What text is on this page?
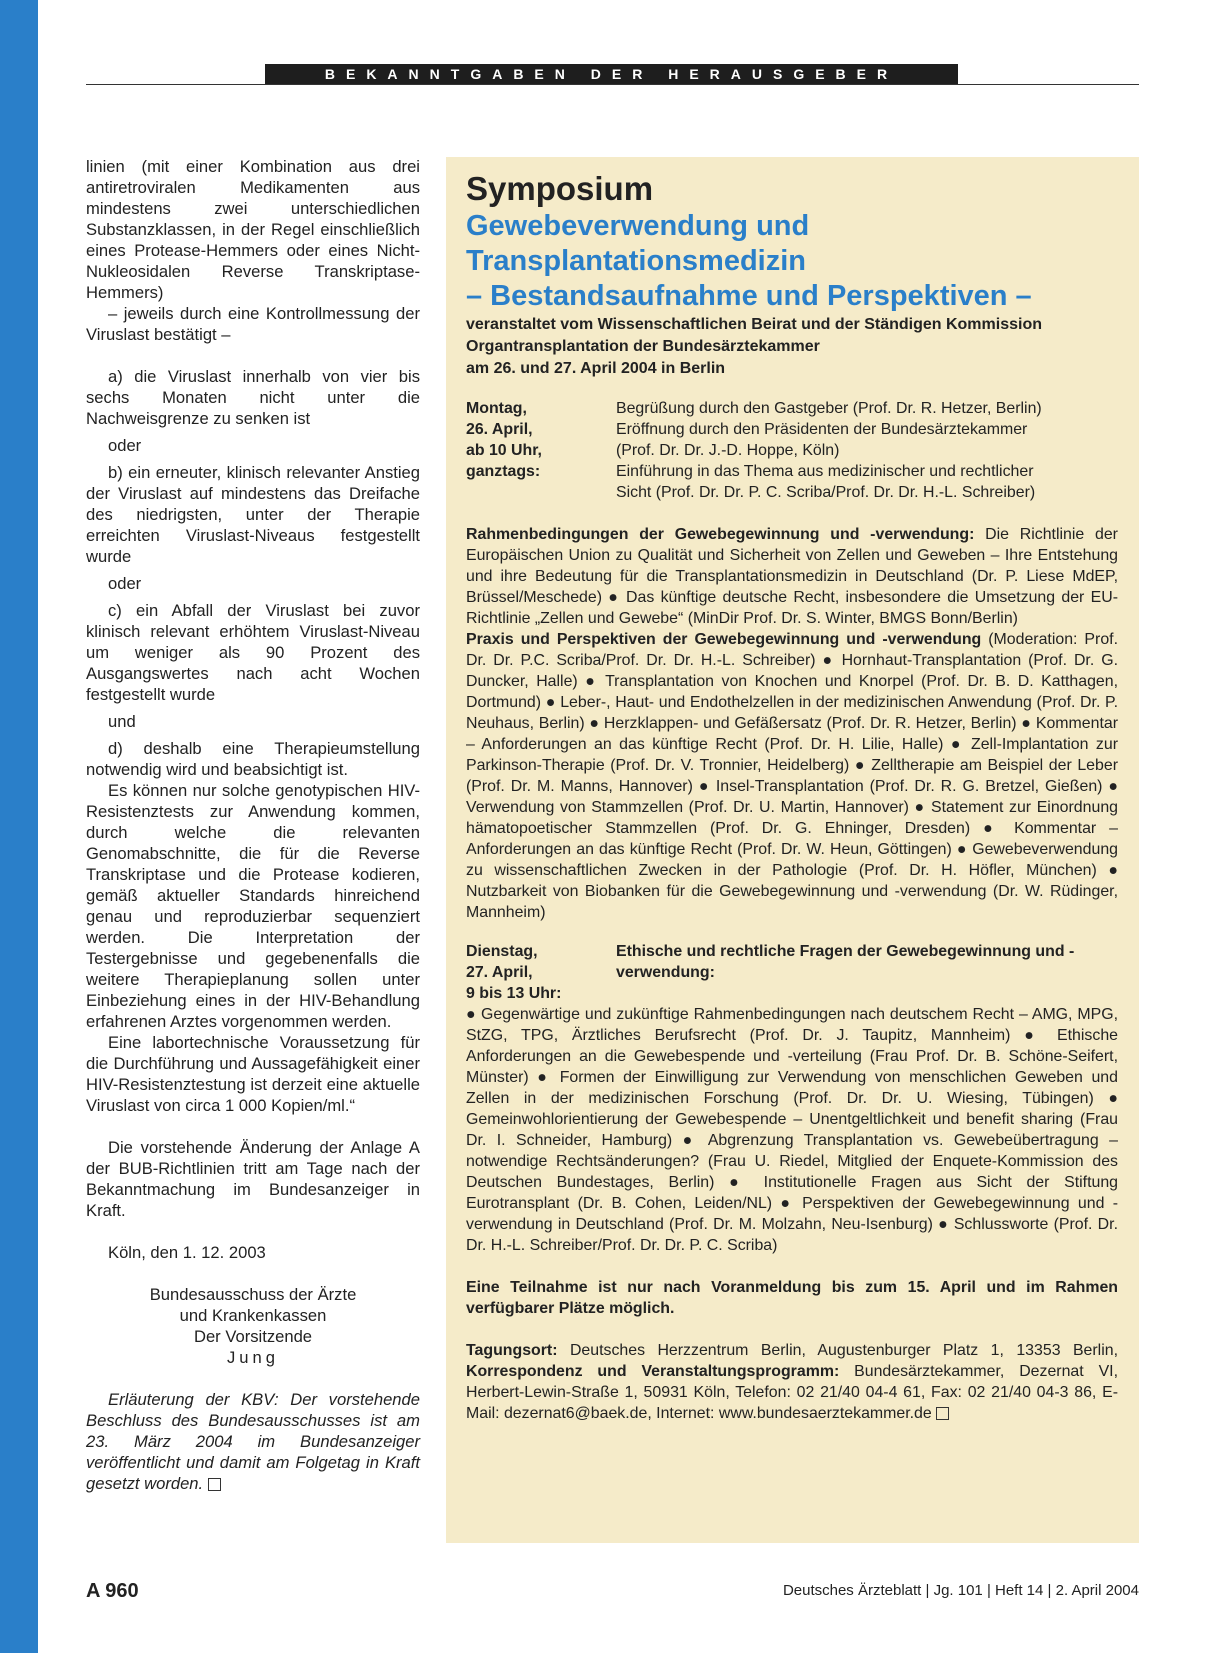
BEKANNTGABEN DER HERAUSGEBER

linien (mit einer Kombination aus drei antiretroviralen Medikamenten aus mindestens zwei unterschiedlichen Substanzklassen, in der Regel einschließlich eines Protease-Hemmers oder eines Nicht-Nukleosidalen Reverse Transkriptase-Hemmers)

– jeweils durch eine Kontrollmessung der Viruslast bestätigt –

a) die Viruslast innerhalb von vier bis sechs Monaten nicht unter die Nachweisgrenze zu senken ist

oder

b) ein erneuter, klinisch relevanter Anstieg der Viruslast auf mindestens das Dreifache des niedrigsten, unter der Therapie erreichten Viruslast-Niveaus festgestellt wurde

oder

c) ein Abfall der Viruslast bei zuvor klinisch relevant erhöhtem Viruslast-Niveau um weniger als 90 Prozent des Ausgangswertes nach acht Wochen festgestellt wurde

und

d) deshalb eine Therapieumstellung notwendig wird und beabsichtigt ist.

Es können nur solche genotypischen HIV-Resistenztests zur Anwendung kommen, durch welche die relevanten Genomabschnitte, die für die Reverse Transkriptase und die Protease kodieren, gemäß aktueller Standards hinreichend genau und reproduzierbar sequenziert werden. Die Interpretation der Testergebnisse und gegebenenfalls die weitere Therapieplanung sollen unter Einbeziehung eines in der HIV-Behandlung erfahrenen Arztes vorgenommen werden.

Eine labortechnische Voraussetzung für die Durchführung und Aussagefähigkeit einer HIV-Resistenztestung ist derzeit eine aktuelle Viruslast von circa 1 000 Kopien/ml.“

Die vorstehende Änderung der Anlage A der BUB-Richtlinien tritt am Tage nach der Bekanntmachung im Bundesanzeiger in Kraft.

Köln, den 1. 12. 2003

Bundesausschuss der Ärzte

und Krankenkassen

Der Vorsitzende

Jung

Erläuterung der KBV: Der vorstehende Beschluss des Bundesausschusses ist am 23. März 2004 im Bundesanzeiger veröffentlicht und damit am Folgetag in Kraft gesetzt worden.

Symposium

Gewebeverwendung und

Transplantationsmedizin

– Bestandsaufnahme und Perspektiven –

veranstaltet vom Wissenschaftlichen Beirat und der Ständigen Kommission

Organtransplantation der Bundesärztekammer

am 26. und 27. April 2004 in Berlin

Montag,
26. April,
ab 10 Uhr,
ganztags:
Begrüßung durch den Gastgeber (Prof. Dr. R. Hetzer, Berlin)
Eröffnung durch den Präsidenten der Bundesärztekammer
(Prof. Dr. Dr. J.-D. Hoppe, Köln)
Einführung in das Thema aus medizinischer und rechtlicher
Sicht (Prof. Dr. Dr. P. C. Scriba/Prof. Dr. Dr. H.-L. Schreiber)

Rahmenbedingungen der Gewebegewinnung und -verwendung: Die Richtlinie der Europäischen Union zu Qualität und Sicherheit von Zellen und Geweben – Ihre Entstehung und ihre Bedeutung für die Transplantationsmedizin in Deutschland (Dr. P. Liese MdEP, Brüssel/Meschede) ● Das künftige deutsche Recht, insbesondere die Umsetzung der EU-Richtlinie „Zellen und Gewebe“ (MinDir Prof. Dr. S. Winter, BMGS Bonn/Berlin)

Praxis und Perspektiven der Gewebegewinnung und -verwendung (Moderation: Prof. Dr. Dr. P.C. Scriba/Prof. Dr. Dr. H.-L. Schreiber) ● Hornhaut-Transplantation (Prof. Dr. G. Duncker, Halle) ● Transplantation von Knochen und Knorpel (Prof. Dr. B. D. Katthagen, Dortmund) ● Leber-, Haut- und Endothelzellen in der medizinischen Anwendung (Prof. Dr. P. Neuhaus, Berlin) ● Herzklappen- und Gefäßersatz (Prof. Dr. R. Hetzer, Berlin) ● Kommentar – Anforderungen an das künftige Recht (Prof. Dr. H. Lilie, Halle) ● Zell-Implantation zur Parkinson-Therapie (Prof. Dr. V. Tronnier, Heidelberg) ● Zelltherapie am Beispiel der Leber (Prof. Dr. M. Manns, Hannover) ● Insel-Transplantation (Prof. Dr. R. G. Bretzel, Gießen) ● Verwendung von Stammzellen (Prof. Dr. U. Martin, Hannover) ● Statement zur Einordnung hämatopoetischer Stammzellen (Prof. Dr. G. Ehninger, Dresden) ● Kommentar – Anforderungen an das künftige Recht (Prof. Dr. W. Heun, Göttingen) ● Gewebeverwendung zu wissenschaftlichen Zwecken in der Pathologie (Prof. Dr. H. Höfler, München) ● Nutzbarkeit von Biobanken für die Gewebegewinnung und -verwendung (Dr. W. Rüdinger, Mannheim)

Dienstag,
27. April,
9 bis 13 Uhr:
Ethische und rechtliche Fragen der Gewebegewinnung und -verwendung:

● Gegenwärtige und zukünftige Rahmenbedingungen nach deutschem Recht – AMG, MPG, StZG, TPG, Ärztliches Berufsrecht (Prof. Dr. J. Taupitz, Mannheim) ● Ethische Anforderungen an die Gewebespende und -verteilung (Frau Prof. Dr. B. Schöne-Seifert, Münster) ● Formen der Einwilligung zur Verwendung von menschlichen Geweben und Zellen in der medizinischen Forschung (Prof. Dr. Dr. U. Wiesing, Tübingen) ● Gemeinwohlorientierung der Gewebespende – Unentgeltlichkeit und benefit sharing (Frau Dr. I. Schneider, Hamburg) ● Abgrenzung Transplantation vs. Gewebeübertragung – notwendige Rechtsänderungen? (Frau U. Riedel, Mitglied der Enquete-Kommission des Deutschen Bundestages, Berlin) ● Institutionelle Fragen aus Sicht der Stiftung Eurotransplant (Dr. B. Cohen, Leiden/NL) ● Perspektiven der Gewebegewinnung und -verwendung in Deutschland (Prof. Dr. M. Molzahn, Neu-Isenburg) ● Schlussworte (Prof. Dr. Dr. H.-L. Schreiber/Prof. Dr. Dr. P. C. Scriba)

Eine Teilnahme ist nur nach Voranmeldung bis zum 15. April und im Rahmen verfügbarer Plätze möglich.

Tagungsort: Deutsches Herzzentrum Berlin, Augustenburger Platz 1, 13353 Berlin, Korrespondenz und Veranstaltungsprogramm: Bundesärztekammer, Dezernat VI, Herbert-Lewin-Straße 1, 50931 Köln, Telefon: 02 21/40 04-4 61, Fax: 02 21/40 04-3 86, E-Mail: dezernat6@baek.de, Internet: www.bundesaerztekammer.de

A 960	Deutsches Ärzteblatt | Jg. 101 | Heft 14 | 2. April 2004
